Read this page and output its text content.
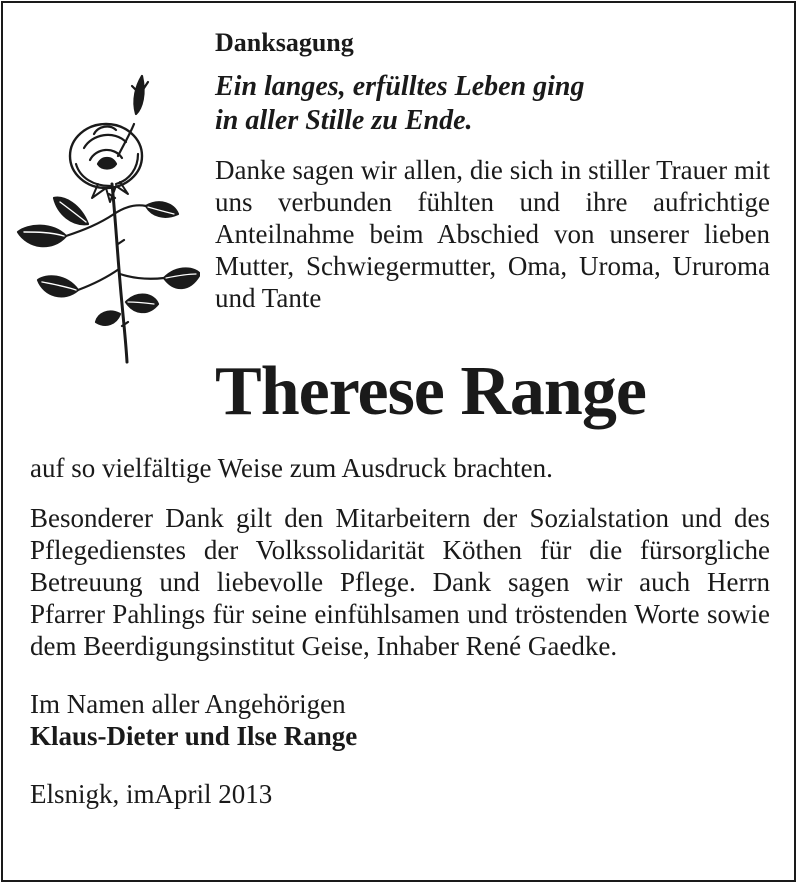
Danksagung

Ein langes, erfülltes Leben ging
in aller Stille zu Ende.

Danke sagen wir allen, die sich in stiller Trauer mit uns verbunden fühlten und ihre aufrichtige Anteilnahme beim Abschied von unserer lieben Mutter, Schwiegermutter, Oma, Uroma, Ururoma und Tante

Therese Range

auf so vielfältige Weise zum Ausdruck brachten.

Besonderer Dank gilt den Mitarbeitern der Sozialstation und des Pflegedienstes der Volkssolidarität Köthen für die fürsorgliche Betreuung und liebevolle Pflege. Dank sagen wir auch Herrn Pfarrer Pahlings für seine einfühlsamen und tröstenden Worte sowie dem Beerdigungsinstitut Geise, Inhaber René Gaedke.

Im Namen aller Angehörigen

Klaus-Dieter und Ilse Range

Elsnigk, imApril 2013
